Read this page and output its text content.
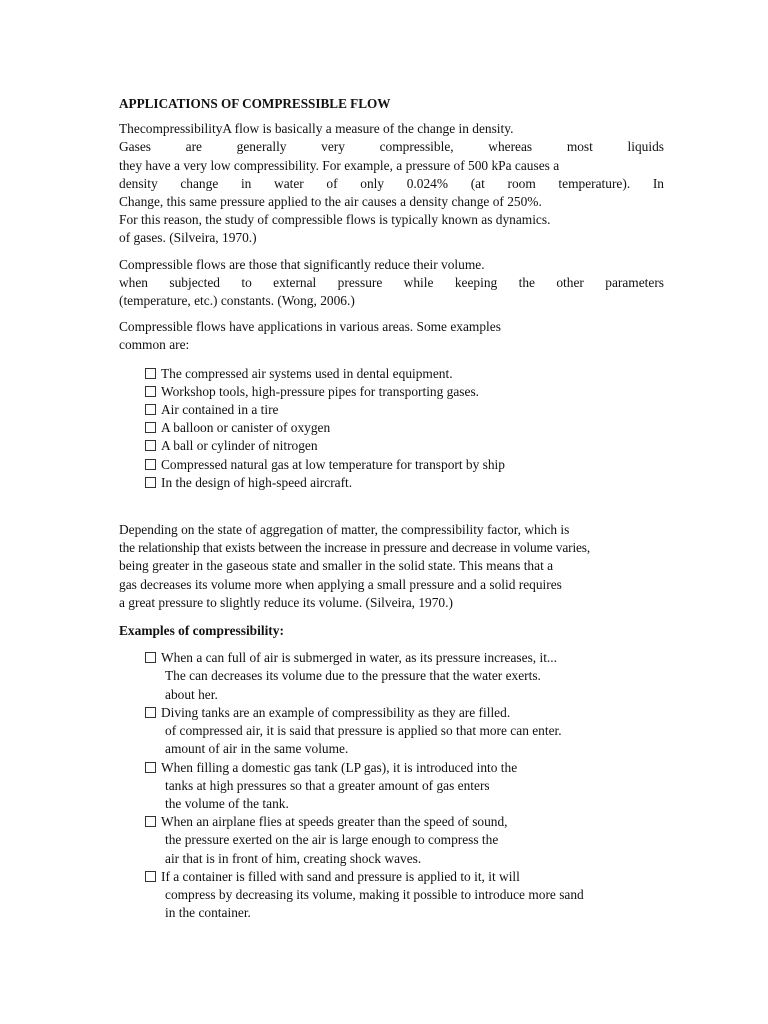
APPLICATIONS OF COMPRESSIBLE FLOW
ThecompressibilityA flow is basically a measure of the change in density.
Gases are generally very compressible, whereas most liquids
they have a very low compressibility. For example, a pressure of 500 kPa causes a
density change in water of only 0.024% (at room temperature). In
Change, this same pressure applied to the air causes a density change of 250%.
For this reason, the study of compressible flows is typically known as dynamics.
of gases. (Silveira, 1970.)
Compressible flows are those that significantly reduce their volume.
when subjected to external pressure while keeping the other parameters
(temperature, etc.) constants. (Wong, 2006.)
Compressible flows have applications in various areas. Some examples
common are:
The compressed air systems used in dental equipment.
Workshop tools, high-pressure pipes for transporting gases.
Air contained in a tire
A balloon or canister of oxygen
A ball or cylinder of nitrogen
Compressed natural gas at low temperature for transport by ship
In the design of high-speed aircraft.
Depending on the state of aggregation of matter, the compressibility factor, which is
the relationship that exists between the increase in pressure and decrease in volume varies,
being greater in the gaseous state and smaller in the solid state. This means that a
gas decreases its volume more when applying a small pressure and a solid requires
a great pressure to slightly reduce its volume. (Silveira, 1970.)
Examples of compressibility:
When a can full of air is submerged in water, as its pressure increases, it...
The can decreases its volume due to the pressure that the water exerts.
about her.
Diving tanks are an example of compressibility as they are filled.
of compressed air, it is said that pressure is applied so that more can enter.
amount of air in the same volume.
When filling a domestic gas tank (LP gas), it is introduced into the
tanks at high pressures so that a greater amount of gas enters
the volume of the tank.
When an airplane flies at speeds greater than the speed of sound,
the pressure exerted on the air is large enough to compress the
air that is in front of him, creating shock waves.
If a container is filled with sand and pressure is applied to it, it will
compress by decreasing its volume, making it possible to introduce more sand
in the container.
